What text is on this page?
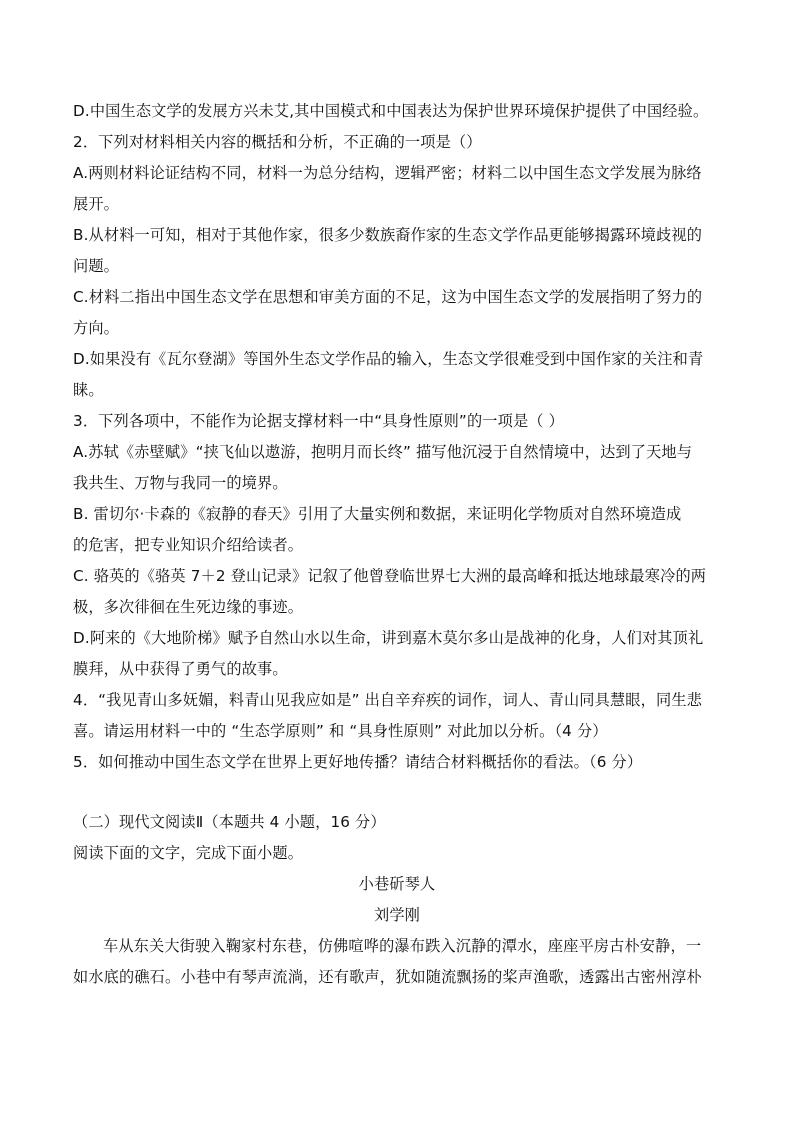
D.中国生态文学的发展方兴未艾,其中国模式和中国表达为保护世界环境保护提供了中国经验。
2．下列对材料相关内容的概括和分析，不正确的一项是（）
A.两则材料论证结构不同，材料一为总分结构，逻辑严密；材料二以中国生态文学发展为脉络
展开。
B.从材料一可知，相对于其他作家，很多少数族裔作家的生态文学作品更能够揭露环境歧视的
问题。
C.材料二指出中国生态文学在思想和审美方面的不足，这为中国生态文学的发展指明了努力的
方向。
D.如果没有《瓦尔登湖》等国外生态文学作品的输入，生态文学很难受到中国作家的关注和青
睐。
3．下列各项中，不能作为论据支撑材料一中“具身性原则”的一项是（ ）
A.苏轼《赤壁赋》“挟飞仙以遨游，抱明月而长终” 描写他沉浸于自然情境中，达到了天地与
我共生、万物与我同一的境界。
B. 雷切尔·卡森的《寂静的春天》引用了大量实例和数据，来证明化学物质对自然环境造成
的危害，把专业知识介绍给读者。
C. 骆英的《骆英 7＋2 登山记录》记叙了他曾登临世界七大洲的最高峰和抵达地球最寒冷的两
极，多次徘徊在生死边缘的事迹。
D.阿来的《大地阶梯》赋予自然山水以生命，讲到嘉木莫尔多山是战神的化身，人们对其顶礼
膜拜，从中获得了勇气的故事。
4．“我见青山多妩媚，料青山见我应如是” 出自辛弃疾的词作，词人、青山同具慧眼，同生悲
喜。请运用材料一中的 “生态学原则” 和 “具身性原则” 对此加以分析。（4 分）
5．如何推动中国生态文学在世界上更好地传播？请结合材料概括你的看法。（6 分）
（二）现代文阅读Ⅱ（本题共 4 小题，16 分）
阅读下面的文字，完成下面小题。
小巷斫琴人
刘学刚
车从东关大街驶入鞠家村东巷，仿佛喧哗的瀑布跌入沉静的潭水，座座平房古朴安静，一
如水底的礁石。小巷中有琴声流淌，还有歌声，犹如随流飘扬的桨声渔歌，透露出古密州淳朴
